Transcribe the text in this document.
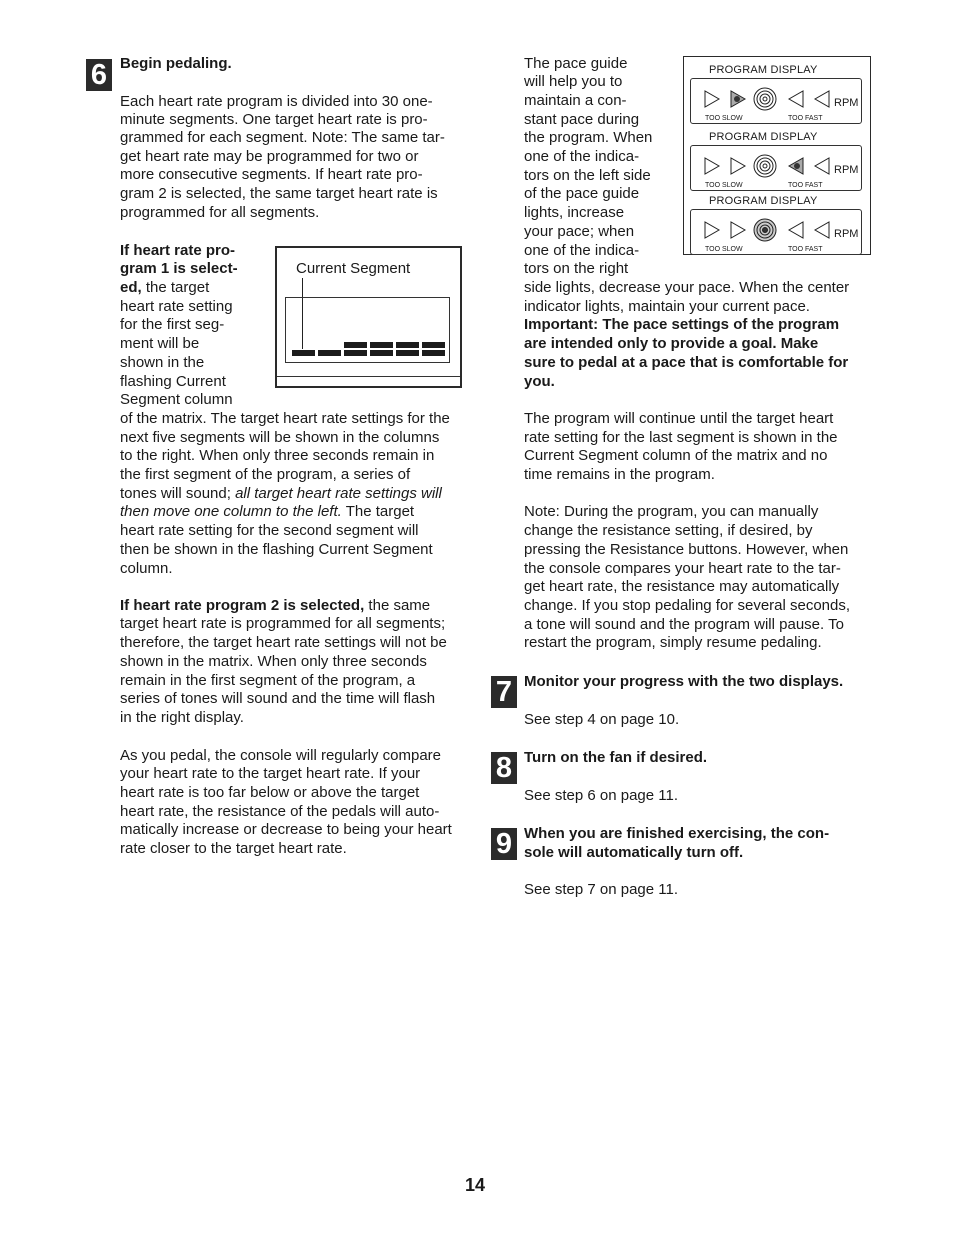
6 Begin pedaling.
Each heart rate program is divided into 30 one-
minute segments. One target heart rate is pro-
grammed for each segment. Note: The same tar-
get heart rate may be programmed for two or
more consecutive segments. If heart rate pro-
gram 2 is selected, the same target heart rate is
programmed for all segments.
If heart rate pro-
gram 1 is select-
ed, the target
heart rate setting
for the first seg-
ment will be
shown in the
flashing Current
Segment column
of the matrix. The target heart rate settings for the
next five segments will be shown in the columns
to the right. When only three seconds remain in
the first segment of the program, a series of
tones will sound; all target heart rate settings will
then move one column to the left. The target
heart rate setting for the second segment will
then be shown in the flashing Current Segment
column.
Current Segment
If heart rate program 2 is selected, the same
target heart rate is programmed for all segments;
therefore, the target heart rate settings will not be
shown in the matrix. When only three seconds
remain in the first segment of the program, a
series of tones will sound and the time will flash
in the right display.
As you pedal, the console will regularly compare
your heart rate to the target heart rate. If your
heart rate is too far below or above the target
heart rate, the resistance of the pedals will auto-
matically increase or decrease to being your heart
rate closer to the target heart rate.
The pace guide
will help you to
maintain a con-
stant pace during
the program. When
one of the indica-
tors on the left side
of the pace guide
lights, increase
your pace; when
one of the indica-
tors on the right
side lights, decrease your pace. When the center
indicator lights, maintain your current pace.
Important: The pace settings of the program
are intended only to provide a goal. Make
sure to pedal at a pace that is comfortable for
you.
PROGRAM DISPLAY
RPM
TOO SLOW	TOO FAST
PROGRAM DISPLAY
RPM
TOO SLOW	TOO FAST
PROGRAM DISPLAY
RPM
TOO SLOW	TOO FAST
The program will continue until the target heart
rate setting for the last segment is shown in the
Current Segment column of the matrix and no
time remains in the program.
Note: During the program, you can manually
change the resistance setting, if desired, by
pressing the Resistance buttons. However, when
the console compares your heart rate to the tar-
get heart rate, the resistance may automatically
change. If you stop pedaling for several seconds,
a tone will sound and the program will pause. To
restart the program, simply resume pedaling.
7 Monitor your progress with the two displays.
See step 4 on page 10.
8 Turn on the fan if desired.
See step 6 on page 11.
9 When you are finished exercising, the con-
sole will automatically turn off.
See step 7 on page 11.
14
